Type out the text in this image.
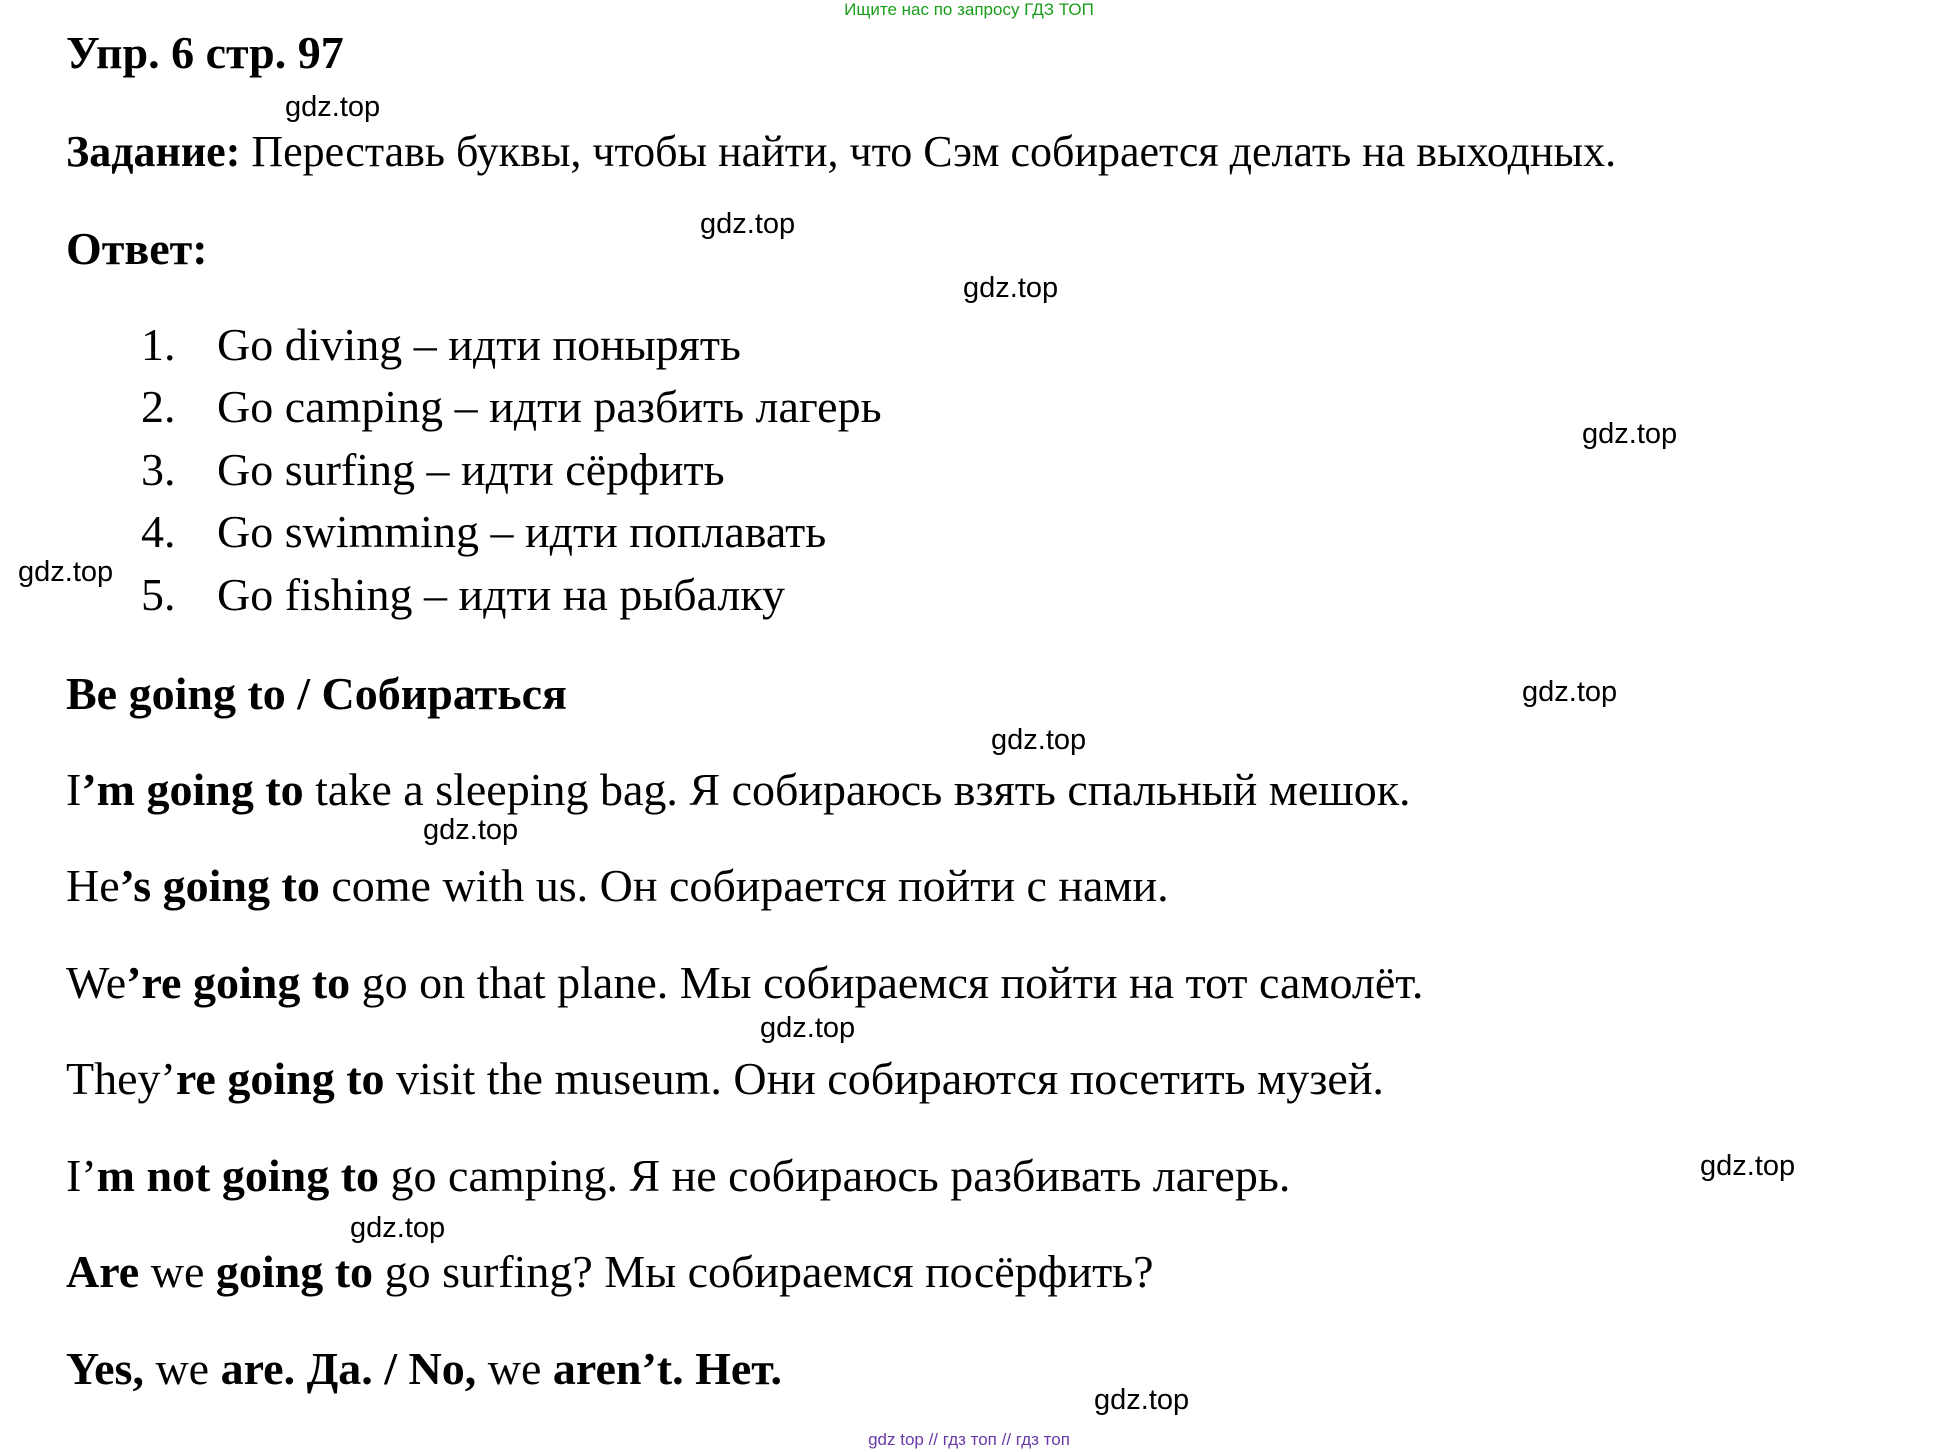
Ищите нас по запросу ГДЗ ТОП
Упр. 6 стр. 97
Задание: Переставь буквы, чтобы найти, что Сэм собирается делать на выходных.
Ответ:
1. Go diving – идти понырять
2. Go camping – идти разбить лагерь
3. Go surfing – идти сёрфить
4. Go swimming – идти поплавать
5. Go fishing – идти на рыбалку
Be going to / Собираться
I’m going to take a sleeping bag. Я собираюсь взять спальный мешок.
He’s going to come with us. Он собирается пойти с нами.
We’re going to go on that plane. Мы собираемся пойти на тот самолёт.
They’re going to visit the museum. Они собираются посетить музей.
I’m not going to go camping. Я не собираюсь разбивать лагерь.
Are we going to go surfing? Мы собираемся посёрфить?
Yes, we are. Да. / No, we aren’t. Нет.
gdz.top
gdz.top
gdz.top
gdz.top
gdz.top
gdz.top
gdz.top
gdz.top
gdz.top
gdz.top
gdz.top
gdz.top
gdz top // гдз топ // гдз топ
